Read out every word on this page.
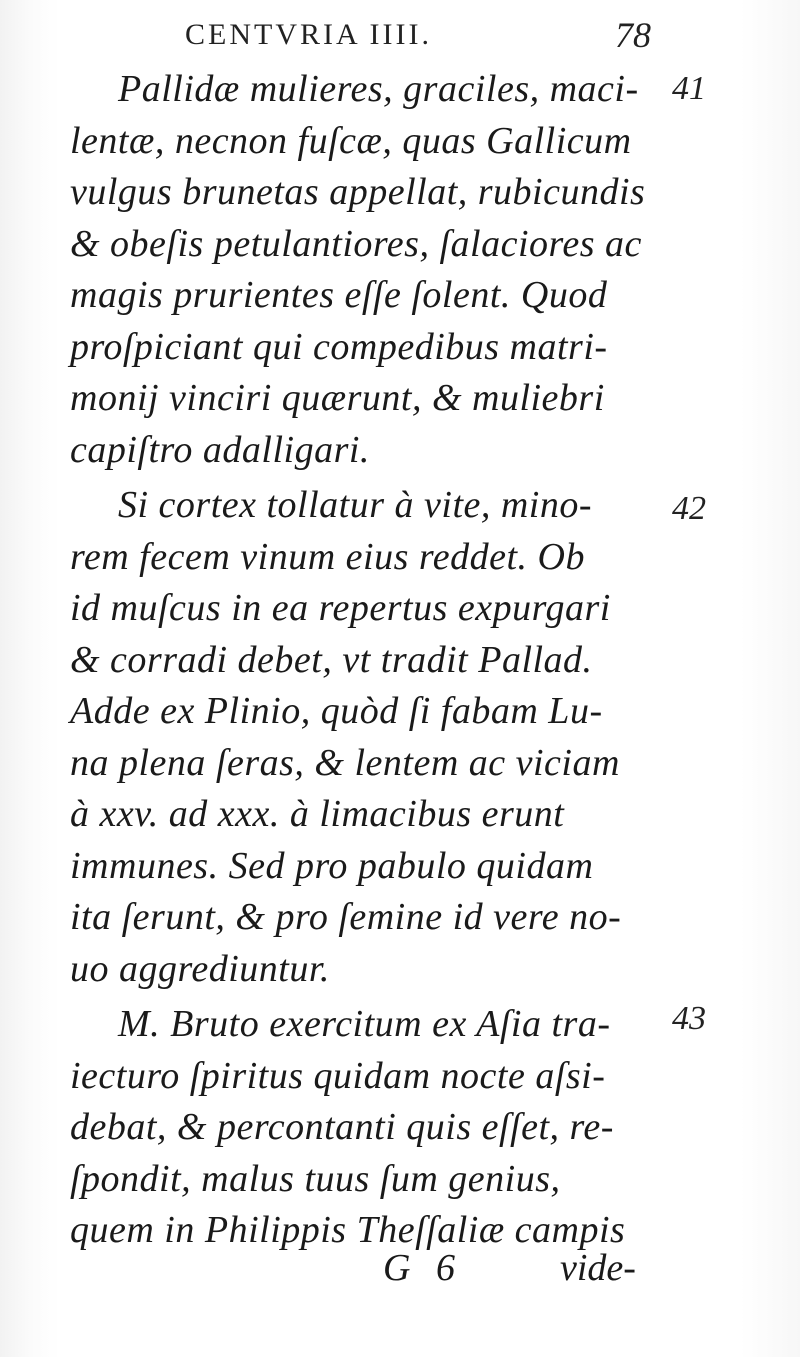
CENTVRIA IIII.	78
Pallidæ mulieres, graciles, maci-
lentæ, necnon fuſcæ, quas Gallicum
vulgus brunetas appellat, rubicundis
& obeſis petulantiores, ſalaciores ac
magis prurientes eſſe ſolent. Quod
proſpiciant qui compedibus matri-
monij vinciri quærunt, & muliebri
capiſtro adalligari.
Si cortex tollatur à vite, mino-
rem fecem vinum eius reddet. Ob
id muſcus in ea repertus expurgari
& corradi debet, vt tradit Pallad.
Adde ex Plinio, quòd ſi fabam Lu-
na plena ſeras, & lentem ac viciam
à xxv. ad xxx. à limacibus erunt
immunes. Sed pro pabulo quidam
ita ſerunt, & pro ſemine id vere no-
uo aggrediuntur.
M. Bruto exercitum ex Aſia tra-
iecturo ſpiritus quidam nocte aſsi-
debat, & percontanti quis eſſet, re-
ſpondit, malus tuus ſum genius,
quem in Philippis Theſſaliæ campis
41
42
43
G 6	vide-
